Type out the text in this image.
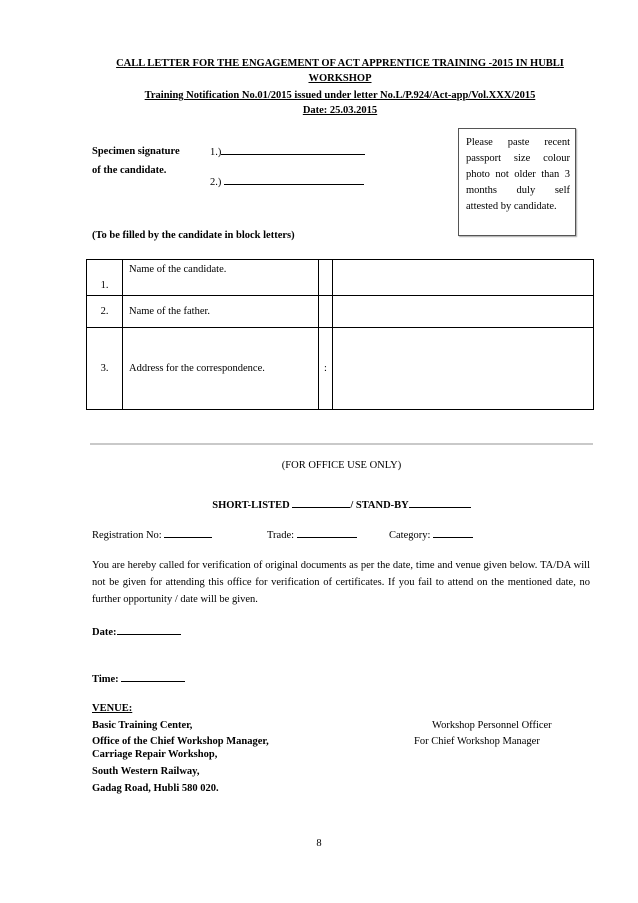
CALL LETTER FOR THE ENGAGEMENT OF ACT APPRENTICE TRAINING -2015 IN HUBLI WORKSHOP
Training Notification No.01/2015 issued under letter No.L/P.924/Act-app/Vol.XXX/2015
Date: 25.03.2015
Specimen signature
of the candidate.
1.)
2.)
Please paste recent passport size colour photo not older than 3 months duly self attested by candidate.
(To be filled by the candidate in block letters)
1.	Name of the candidate.		
2.	Name of the father.		
3.	Address for the correspondence.	:	
(FOR OFFICE USE ONLY)
SHORT-LISTED	/ STAND-BY
Registration No:	Trade:	Category:
You are hereby called for verification of original documents as per the date, time and venue given below. TA/DA will not be given for attending this office for verification of certificates. If you fail to attend on the mentioned date, no further opportunity / date will be given.
Date:
Time:
VENUE:
Basic Training Center,
Office of the Chief Workshop Manager,
Carriage Repair Workshop,
South Western Railway,
Gadag Road, Hubli 580 020.
Workshop Personnel Officer
For Chief Workshop Manager
8
